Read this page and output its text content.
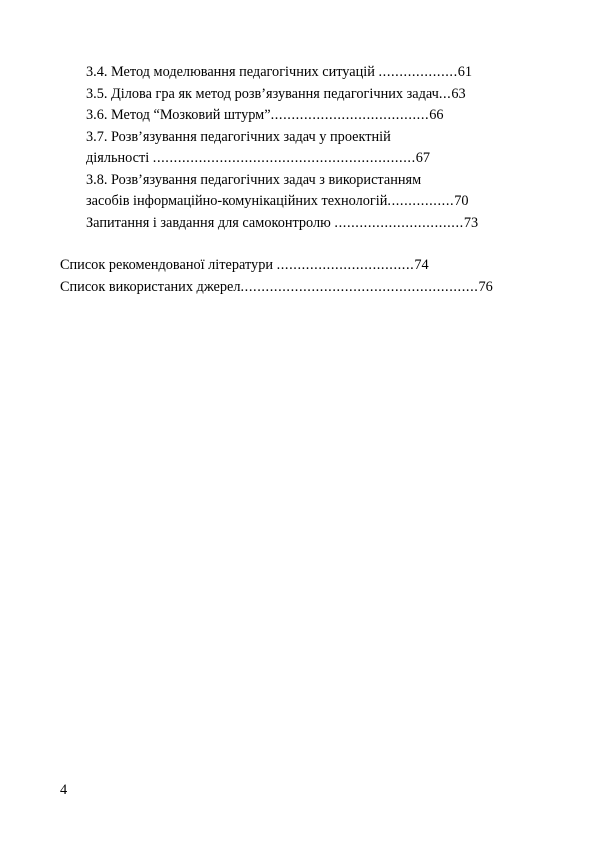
3.4. Метод моделювання педагогічних ситуацій ...................61
3.5. Ділова гра як метод розв’язування педагогічних задач...63
3.6. Метод “Мозковий штурм”......................................66
3.7. Розв’язування педагогічних задач у проектній
діяльності ...............................................................67
3.8. Розв’язування педагогічних задач з використанням
засобів інформаційно-комунікаційних технологій................70
Запитання і завдання для самоконтролю ...............................73
Список рекомендованої літератури .................................74
Список використаних джерел.........................................................76
4
